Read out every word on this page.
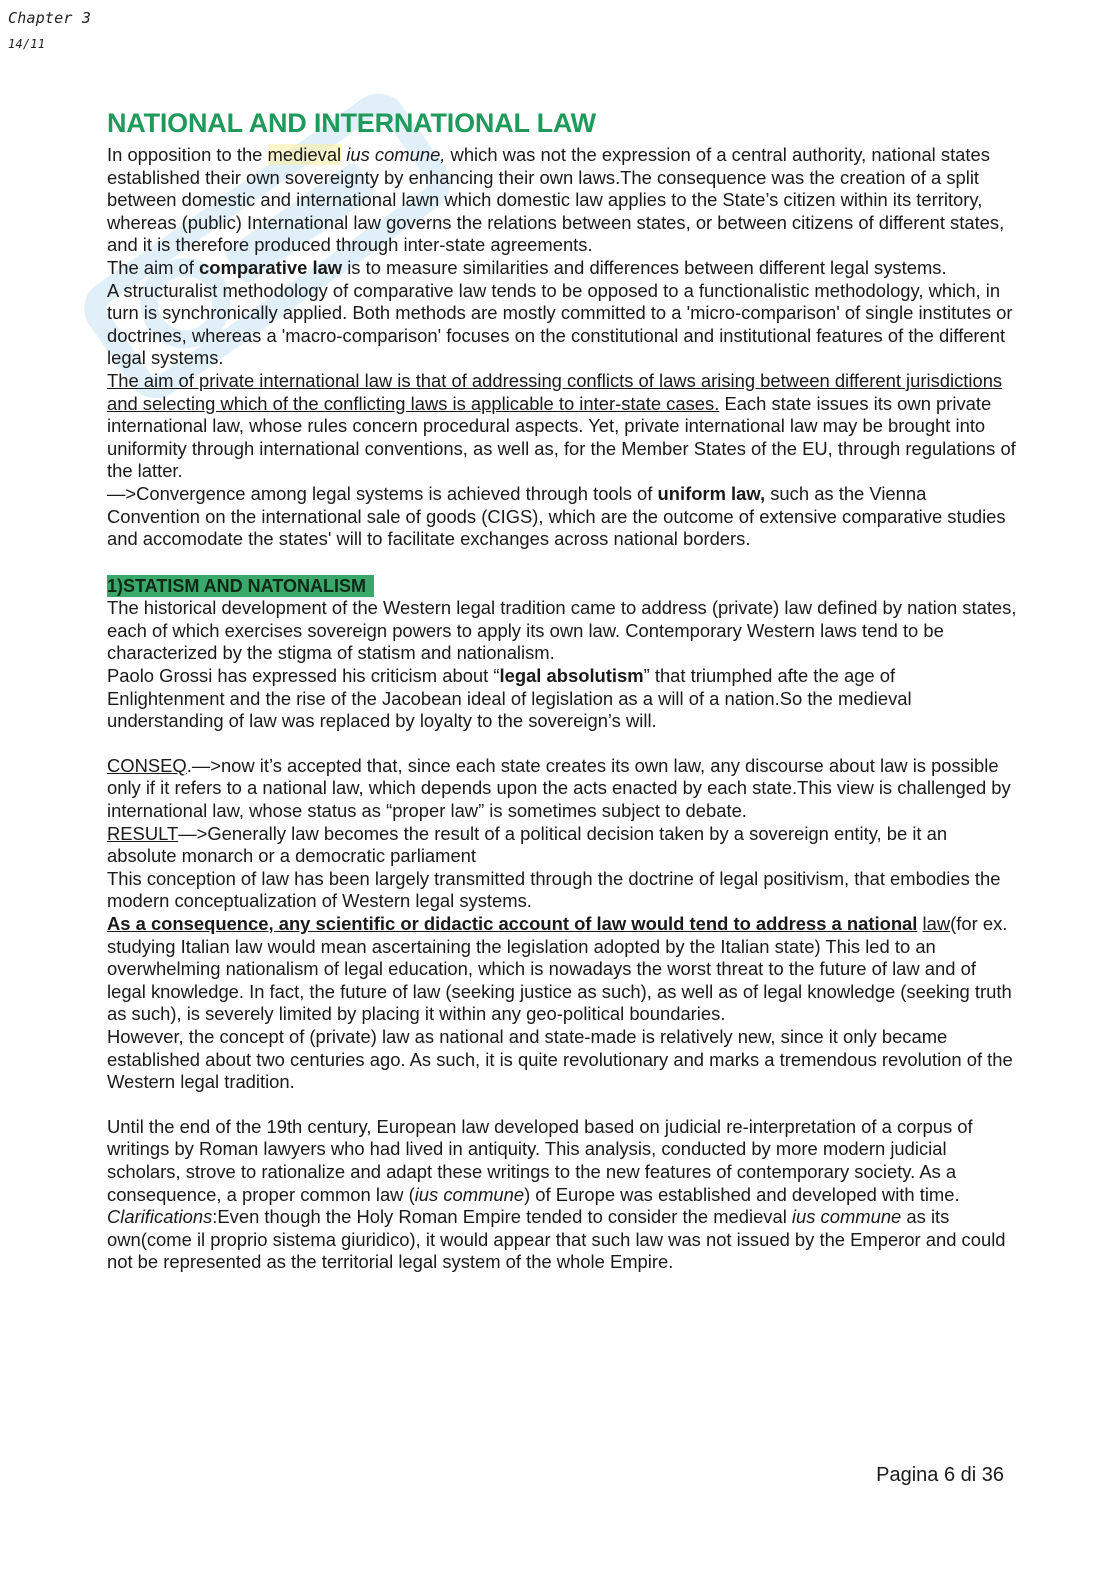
Chapter 3
14/11
NATIONAL AND INTERNATIONAL LAW

In opposition to the medieval ius comune, which was not the expression of a central authority, national states established their own sovereignty by enhancing their own laws.The consequence was the creation of a split between domestic and international lawn which domestic law applies to the State’s citizen within its territory, whereas (public) International law governs the relations between states, or between citizens of different states, and it is therefore produced through inter-state agreements.

The aim of comparative law is to measure similarities and differences between different legal systems.

A structuralist methodology of comparative law tends to be opposed to a functionalistic methodology, which, in turn is synchronically applied. Both methods are mostly committed to a 'micro-comparison' of single institutes or doctrines, whereas a 'macro-comparison' focuses on the constitutional and institutional features of the different legal systems.

The aim of private international law is that of addressing conflicts of laws arising between different jurisdictions and selecting which of the conflicting laws is applicable to inter-state cases. Each state issues its own private international law, whose rules concern procedural aspects. Yet, private international law may be brought into uniformity through international conventions, as well as, for the Member States of the EU, through regulations of the latter.

—>Convergence among legal systems is achieved through tools of uniform law, such as the Vienna Convention on the international sale of goods (CIGS), which are the outcome of extensive comparative studies and accomodate the states' will to facilitate exchanges across national borders.

1)STATISM AND NATONALISM

The historical development of the Western legal tradition came to address (private) law defined by nation states, each of which exercises sovereign powers to apply its own law. Contemporary Western laws tend to be characterized by the stigma of statism and nationalism.

Paolo Grossi has expressed his criticism about “legal absolutism” that triumphed afte the age of Enlightenment and the rise of the Jacobean ideal of legislation as a will of a nation.So the medieval understanding of law was replaced by loyalty to the sovereign’s will.

CONSEQ.—>now it’s accepted that, since each state creates its own law, any discourse about law is possible only if it refers to a national law, which depends upon the acts enacted by each state.This view is challenged by international law, whose status as “proper law” is sometimes subject to debate.

RESULT—>Generally law becomes the result of a political decision taken by a sovereign entity, be it an absolute monarch or a democratic parliament

This conception of law has been largely transmitted through the doctrine of legal positivism, that embodies the modern conceptualization of Western legal systems.

As a consequence, any scientific or didactic account of law would tend to address a national law(for ex. studying Italian law would mean ascertaining the legislation adopted by the Italian state) This led to an overwhelming nationalism of legal education, which is nowadays the worst threat to the future of law and of legal knowledge. In fact, the future of law (seeking justice as such), as well as of legal knowledge (seeking truth as such), is severely limited by placing it within any geo-political boundaries.

However, the concept of (private) law as national and state-made is relatively new, since it only became established about two centuries ago. As such, it is quite revolutionary and marks a tremendous revolution of the Western legal tradition.

Until the end of the 19th century, European law developed based on judicial re-interpretation of a corpus of writings by Roman lawyers who had lived in antiquity. This analysis, conducted by more modern judicial scholars, strove to rationalize and adapt these writings to the new features of contemporary society. As a consequence, a proper common law (ius commune) of Europe was established and developed with time.

Clarifications:Even though the Holy Roman Empire tended to consider the medieval ius commune as its own(come il proprio sistema giuridico), it would appear that such law was not issued by the Emperor and could not be represented as the territorial legal system of the whole Empire.

Pagina 6 di 36
